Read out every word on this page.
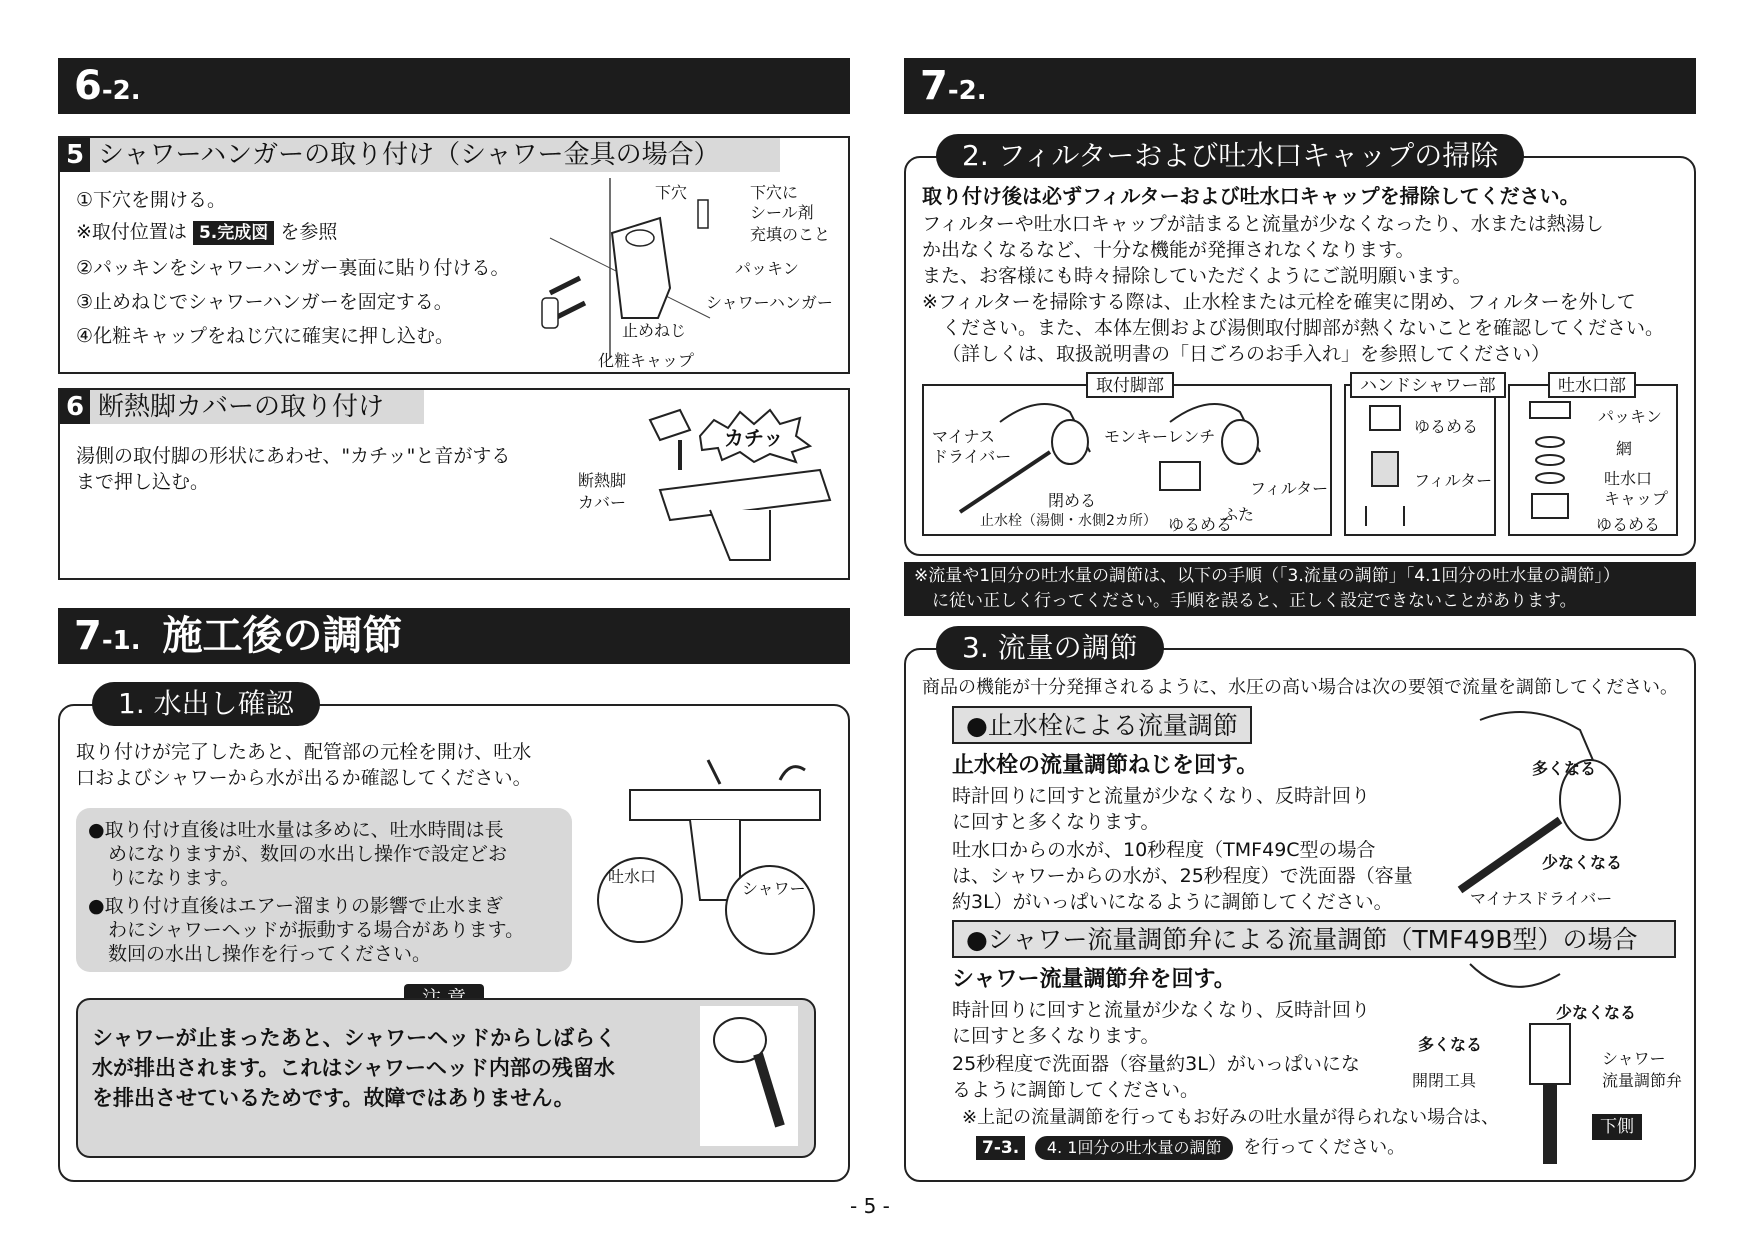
6-2.
5 シャワーハンガーの取り付け（シャワー金具の場合）
①下穴を開ける。
※取付位置は 5.完成図 を参照
②パッキンをシャワーハンガー裏面に貼り付ける。
③止めねじでシャワーハンガーを固定する。
④化粧キャップをねじ穴に確実に押し込む。
下穴	下穴に
シール剤
充填のこと
パッキン
シャワーハンガー
止めねじ
化粧キャップ
6 断熱脚カバーの取り付け
湯側の取付脚の形状にあわせ、"カチッ"と音がする
まで押し込む。
カチッ
断熱脚
カバー
7-1. 施工後の調節
1. 水出し確認
取り付けが完了したあと、配管部の元栓を開け、吐水
口およびシャワーから水が出るか確認してください。
●取り付け直後は吐水量は多めに、吐水時間は長
めになりますが、数回の水出し操作で設定どお
りになります。
●取り付け直後はエアー溜まりの影響で止水まぎ
わにシャワーヘッドが振動する場合があります。
数回の水出し操作を行ってください。
吐水口
シャワー
シャワーが止まったあと、シャワーヘッドからしばらく
水が排出されます。これはシャワーヘッド内部の残留水
を排出させているためです。故障ではありません。
7-2.
2. フィルターおよび吐水口キャップの掃除
取り付け後は必ずフィルターおよび吐水口キャップを掃除してください。
フィルターや吐水口キャップが詰まると流量が少なくなったり、水または熱湯し
か出なくなるなど、十分な機能が発揮されなくなります。
また、お客様にも時々掃除していただくようにご説明願います。
※フィルターを掃除する際は、止水栓または元栓を確実に閉め、フィルターを外して
ください。また、本体左側および湯側取付脚部が熱くないことを確認してください。
（詳しくは、取扱説明書の「日ごろのお手入れ」を参照してください）
取付脚部
マイナス
ドライバー
閉める
止水栓（湯側・水側2カ所）
モンキーレンチ
フィルター
ふた
ゆるめる
ハンドシャワー部
ゆるめる
フィルター
吐水口部
パッキン
網
吐水口
キャップ
ゆるめる
※流量や1回分の吐水量の調節は、以下の手順（「3.流量の調節」「4.1回分の吐水量の調節」）
に従い正しく行ってください。手順を誤ると、正しく設定できないことがあります。
3. 流量の調節
商品の機能が十分発揮されるように、水圧の高い場合は次の要領で流量を調節してください。
●止水栓による流量調節
止水栓の流量調節ねじを回す。
時計回りに回すと流量が少なくなり、反時計回り
に回すと多くなります。
吐水口からの水が、10秒程度（TMF49C型の場合
は、シャワーからの水が、25秒程度）で洗面器（容量
約3L）がいっぱいになるように調節してください。
多くなる
少なくなる
マイナスドライバー
●シャワー流量調節弁による流量調節（TMF49B型）の場合
シャワー流量調節弁を回す。
時計回りに回すと流量が少なくなり、反時計回り
に回すと多くなります。
25秒程度で洗面器（容量約3L）がいっぱいにな
るように調節してください。
※上記の流量調節を行ってもお好みの吐水量が得られない場合は、
7-3. 4. 1回分の吐水量の調節 を行ってください。
少なくなる
多くなる
開閉工具
シャワー
流量調節弁
下側
- 5 -
